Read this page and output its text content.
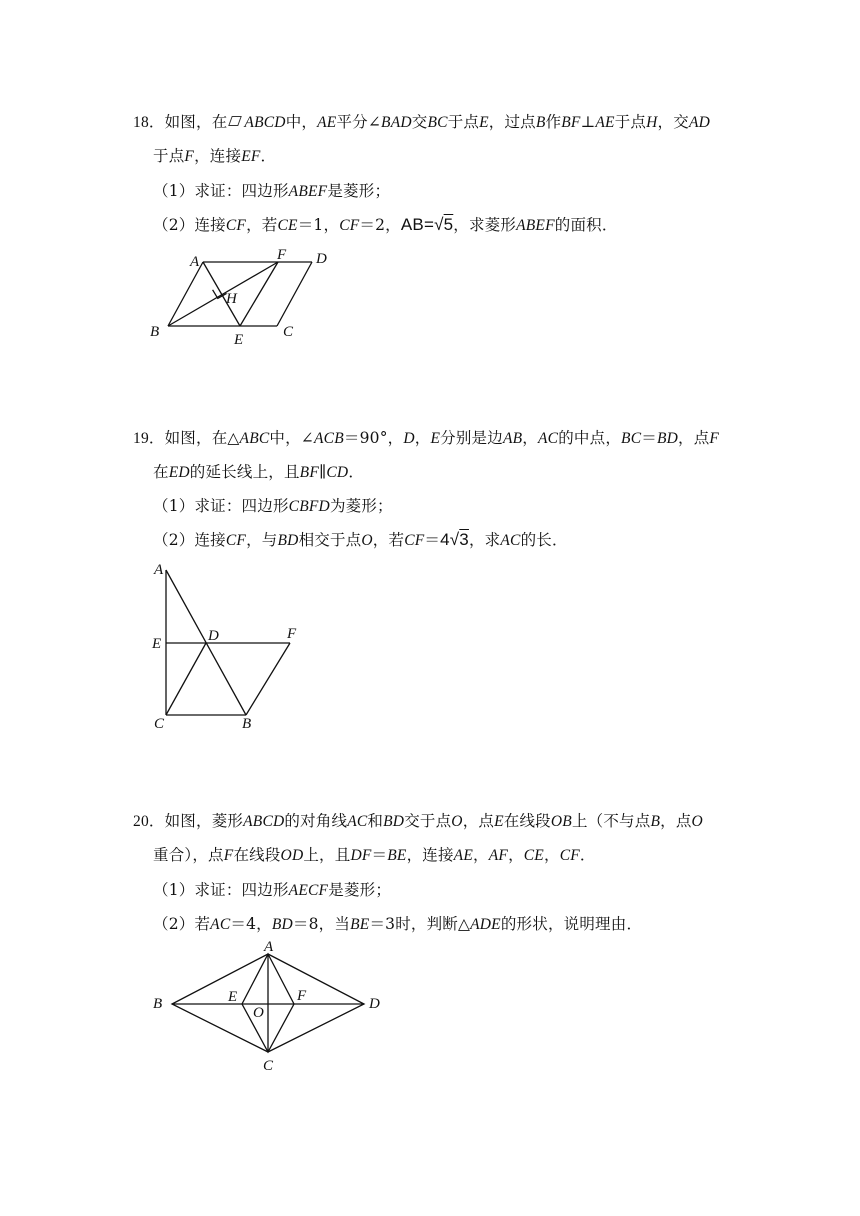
18．如图，在 ABCD中，AE平分∠BAD交BC于点E，过点B作BF⊥AE于点H，交AD
于点F，连接EF．
（1）求证：四边形ABEF是菱形；
（2）连接CF，若CE＝1，CF＝2，AB=√5，求菱形ABEF的面积．
A	F D
H
B	E	C
19．如图，在△ABC中，∠ACB＝90°，D，E分别是边AB，AC的中点，BC＝BD，点F
在ED的延长线上，且BF∥CD．
（1）求证：四边形CBFD为菱形；
（2）连接CF，与BD相交于点O，若CF＝4√3，求AC的长．
A
E	D	F
C	B
20．如图，菱形ABCD的对角线AC和BD交于点O，点E在线段OB上（不与点B，点O
重合），点F在线段OD上，且DF＝BE，连接AE，AF，CE，CF．
（1）求证：四边形AECF是菱形；
（2）若AC＝4，BD＝8，当BE＝3时，判断△ADE的形状，说明理由．
A
B	E	F	D
O
C
